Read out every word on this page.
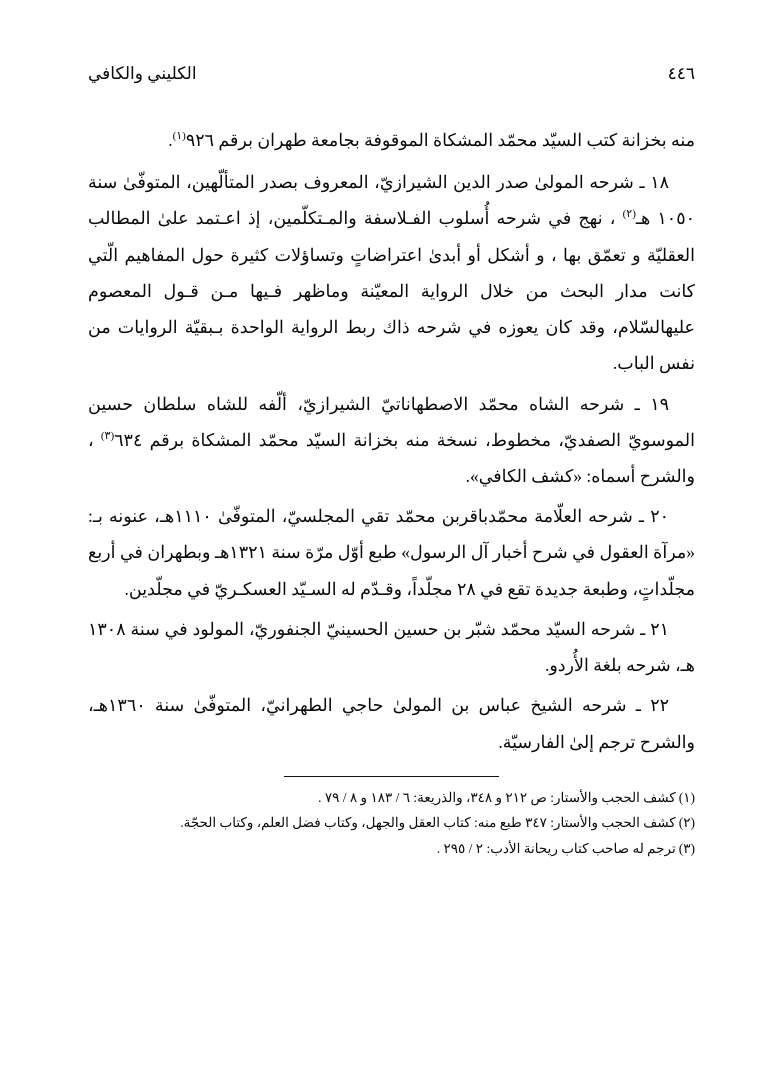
الكليني والكافي	٤٤٦

منه بخزانة كتب السيّد محمّد المشكاة الموقوفة بجامعة طهران برقم ٩٢٦$^{(١)}$.

١٨ ـ شرحه المولىٰ صدر الدين الشيرازيّ، المعروف بصدر المتألّهين، المتوفّىٰ سنة ١٠٥٠ هـ$^{(٢)}$ ، نهج في شرحه أُسلوب الفـلاسفة والمـتكلّمين، إذ اعـتمد علىٰ المطالب العقليّة و تعمّق بها ، و أشكل أو أبدىٰ اعتراضاتٍ وتساؤلات كثيرة حول المفاهيم الّتي كانت مدار البحث من خلال الرواية المعيّنة وماظهر فـيها مـن قـول المعصوم عليهالسّلام، وقد كان يعوزه في شرحه ذاك ربط الرواية الواحدة بـبقيّة الروايات من نفس الباب.

١٩ ـ شرحه الشاه محمّد الاصطهاناتيّ الشيرازيّ، ألّفه للشاه سلطان حسين الموسويّ الصفديّ، مخطوط، نسخة منه بخزانة السيّد محمّد المشكاة برقم ٦٣٤$^{(٣)}$ ، والشرح أسماه: «كشف الكافي».

٢٠ ـ شرحه العلّامة محمّدباقربن محمّد تقي المجلسيّ، المتوفّىٰ ١١١٠هـ، عنونه بـ: «مرآة العقول في شرح أخبار آل الرسول» طبع أوّل مرّة سنة ١٣٢١هـ وبطهران في أربع مجلّداتٍ، وطبعة جديدة تقع في ٢٨ مجلّداً، وقـدّم له السـيّد العسكـريّ في مجلّدين.

٢١ ـ شرحه السيّد محمّد شبّر بن حسين الحسينيّ الجنفوريّ، المولود في سنة ١٣٠٨ هـ، شرحه بلغة الأُردو.

٢٢ ـ شرحه الشيخ عباس بن المولىٰ حاجي الطهرانيّ، المتوفّىٰ سنة ١٣٦٠هـ، والشرح ترجم إلىٰ الفارسيّة.

(١)كشف الحجب والأستار: ص ٢١٢ و ٣٤٨، والذريعة: ٦ / ١٨٣ و ٨ / ٧٩ .

(٢)كشف الحجب والأستار: ٣٤٧ طبع منه: كتاب العقل والجهل، وكتاب فضل العلم، وكتاب الحجّة.

(٣)ترجم له صاحب كتاب ريحانة الأدب: ٢ / ٢٩٥ .
